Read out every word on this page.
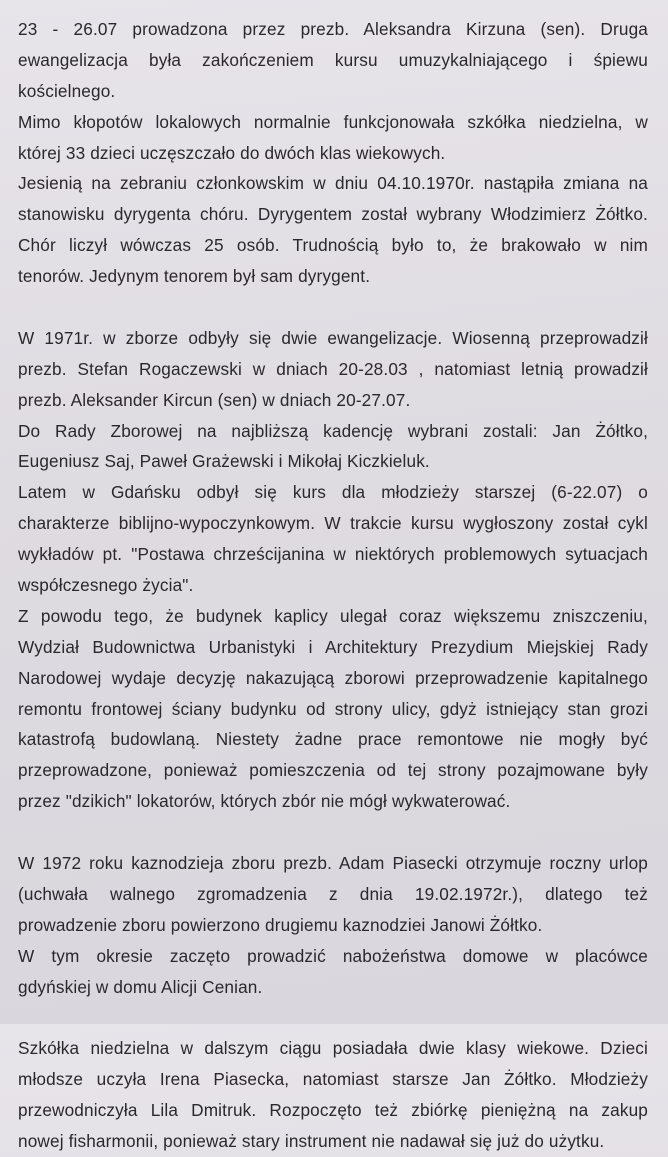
23 - 26.07 prowadzona przez prezb. Aleksandra Kirzuna (sen). Druga
ewangelizacja była zakończeniem kursu umuzykalniającego i śpiewu
kościelnego.
Mimo kłopotów lokalowych normalnie funkcjonowała szkółka niedzielna, w
której 33 dzieci uczęszczało do dwóch klas wiekowych.
Jesienią na zebraniu członkowskim w dniu 04.10.1970r. nastąpiła zmiana na
stanowisku dyrygenta chóru. Dyrygentem został wybrany Włodzimierz Żółtko.
Chór liczył wówczas 25 osób. Trudnością było to, że brakowało w nim
tenorów. Jedynym tenorem był sam dyrygent.
W 1971r. w zborze odbyły się dwie ewangelizacje. Wiosenną przeprowadził
prezb. Stefan Rogaczewski w dniach 20-28.03 , natomiast letnią prowadził
prezb. Aleksander Kircun (sen) w dniach 20-27.07.
Do Rady Zborowej na najbliższą kadencję wybrani zostali: Jan Żółtko,
Eugeniusz Saj, Paweł Grażewski i Mikołaj Kiczkieluk.
Latem w Gdańsku odbył się kurs dla młodzieży starszej (6-22.07) o
charakterze biblijno-wypoczynkowym. W trakcie kursu wygłoszony został cykl
wykładów pt. "Postawa chrześcijanina w niektórych problemowych sytuacjach
współczesnego życia".
Z powodu tego, że budynek kaplicy ulegał coraz większemu zniszczeniu,
Wydział Budownictwa Urbanistyki i Architektury Prezydium Miejskiej Rady
Narodowej wydaje decyzję nakazującą zborowi przeprowadzenie kapitalnego
remontu frontowej ściany budynku od strony ulicy, gdyż istniejący stan grozi
katastrofą budowlaną. Niestety żadne prace remontowe nie mogły być
przeprowadzone, ponieważ pomieszczenia od tej strony pozajmowane były
przez "dzikich" lokatorów, których zbór nie mógł wykwaterować.
W 1972 roku kaznodzieja zboru prezb. Adam Piasecki otrzymuje roczny urlop
(uchwała walnego zgromadzenia z dnia 19.02.1972r.), dlatego też
prowadzenie zboru powierzono drugiemu kaznodziei Janowi Żółtko.
W tym okresie zaczęto prowadzić nabożeństwa domowe w placówce
gdyńskiej w domu Alicji Cenian.
Szkółka niedzielna w dalszym ciągu posiadała dwie klasy wiekowe. Dzieci
młodsze uczyła Irena Piasecka, natomiast starsze Jan Żółtko. Młodzieży
przewodniczyła Lila Dmitruk. Rozpoczęto też zbiórkę pieniężną na zakup
nowej fisharmonii, ponieważ stary instrument nie nadawał się już do użytku.
